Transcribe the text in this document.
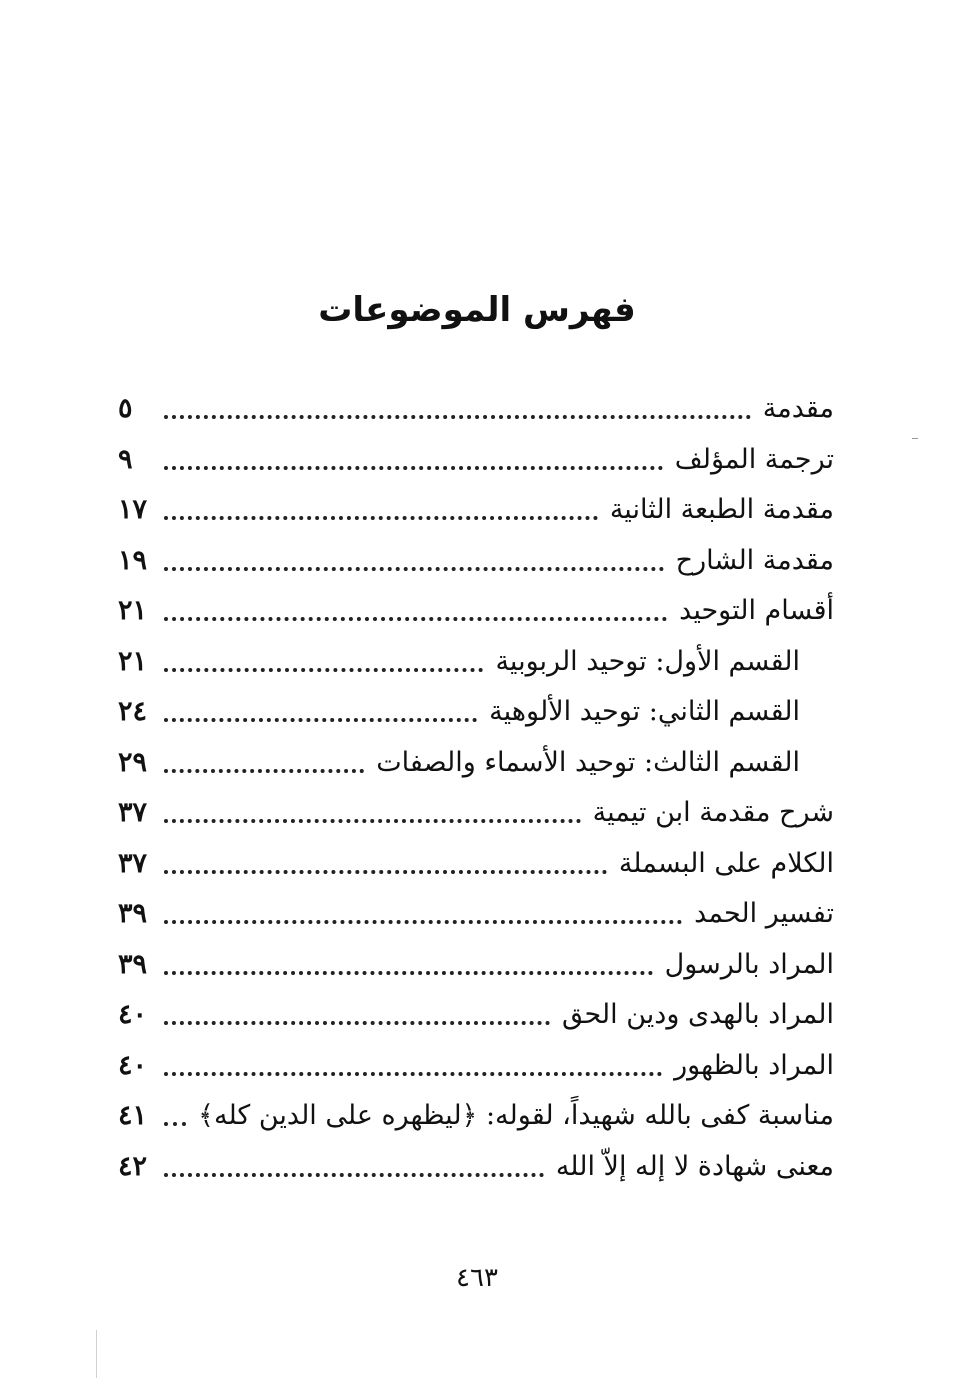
فهرس الموضوعات
مقدمة
٥
ترجمة المؤلف
٩
مقدمة الطبعة الثانية
١٧
مقدمة الشارح
١٩
أقسام التوحيد
٢١
القسم الأول: توحيد الربوبية
٢١
القسم الثاني: توحيد الألوهية
٢٤
القسم الثالث: توحيد الأسماء والصفات
٢٩
شرح مقدمة ابن تيمية
٣٧
الكلام على البسملة
٣٧
تفسير الحمد
٣٩
المراد بالرسول
٣٩
المراد بالهدى ودين الحق
٤٠
المراد بالظهور
٤٠
مناسبة كفى بالله شهيداً، لقوله: ﴿ليظهره على الدين كله﴾
٤١
معنى شهادة لا إله إلاّ الله
٤٢
٤٦٣
